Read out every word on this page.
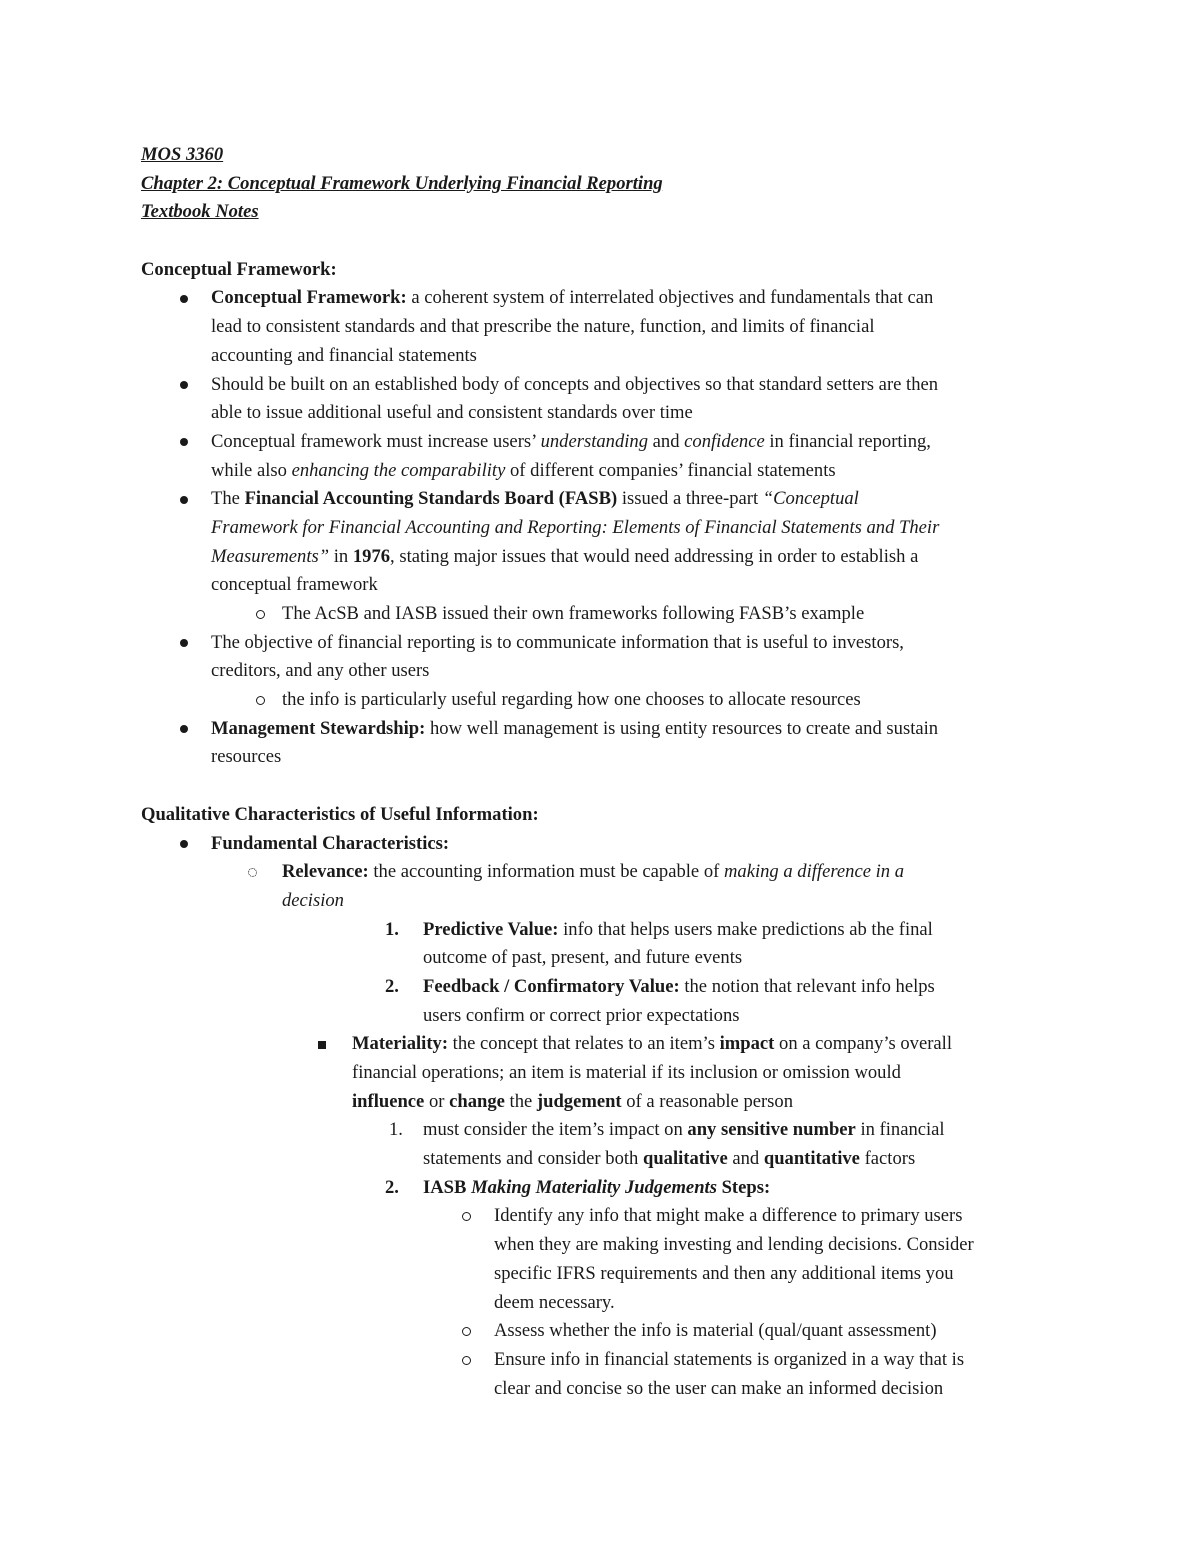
MOS 3360
Chapter 2: Conceptual Framework Underlying Financial Reporting
Textbook Notes
Conceptual Framework:
Conceptual Framework: a coherent system of interrelated objectives and fundamentals that can
lead to consistent standards and that prescribe the nature, function, and limits of financial
accounting and financial statements
Should be built on an established body of concepts and objectives so that standard setters are then
able to issue additional useful and consistent standards over time
Conceptual framework must increase users’ understanding and confidence in financial reporting,
while also enhancing the comparability of different companies’ financial statements
The Financial Accounting Standards Board (FASB) issued a three-part “Conceptual
Framework for Financial Accounting and Reporting: Elements of Financial Statements and Their
Measurements” in 1976, stating major issues that would need addressing in order to establish a
conceptual framework
The AcSB and IASB issued their own frameworks following FASB’s example
The objective of financial reporting is to communicate information that is useful to investors,
creditors, and any other users
the info is particularly useful regarding how one chooses to allocate resources
Management Stewardship: how well management is using entity resources to create and sustain
resources
Qualitative Characteristics of Useful Information:
Fundamental Characteristics:
Relevance: the accounting information must be capable of making a difference in a
decision
1.	Predictive Value: info that helps users make predictions ab the final
outcome of past, present, and future events
2.	Feedback / Confirmatory Value: the notion that relevant info helps
users confirm or correct prior expectations
Materiality: the concept that relates to an item’s impact on a company’s overall
financial operations; an item is material if its inclusion or omission would
influence or change the judgement of a reasonable person
1.	must consider the item’s impact on any sensitive number in financial
statements and consider both qualitative and quantitative factors
2.	IASB Making Materiality Judgements Steps:
Identify any info that might make a difference to primary users
when they are making investing and lending decisions. Consider
specific IFRS requirements and then any additional items you
deem necessary.
Assess whether the info is material (qual/quant assessment)
Ensure info in financial statements is organized in a way that is
clear and concise so the user can make an informed decision
